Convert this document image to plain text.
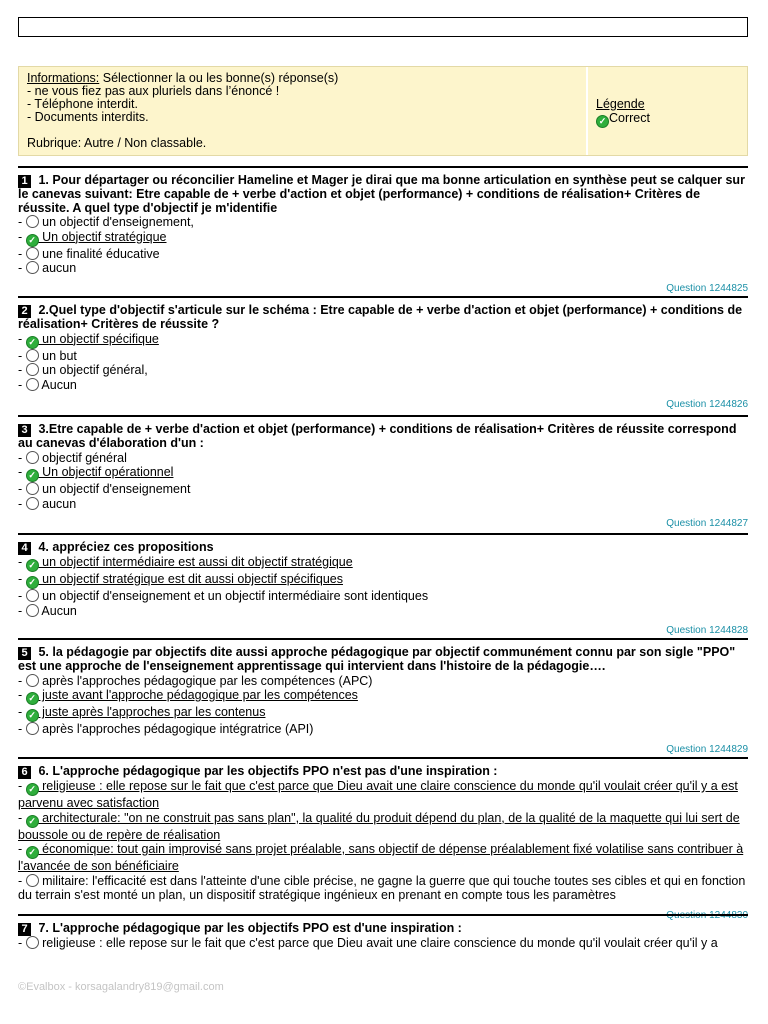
Informations: Sélectionner la ou les bonne(s) réponse(s)
- ne vous fiez pas aux pluriels dans l’énoncé !
- Téléphone interdit.
- Documents interdits.
Rubrique: Autre / Non classable.
Légende
✓ Correct
1 1. Pour départager ou réconcilier Hameline et Mager je dirai que ma bonne articulation en synthèse peut se calquer sur le canevas suivant: Etre capable de + verbe d'action et objet (performance) + conditions de réalisation+ Critères de réussite. A quel type d'objectif je m'identifie
-  un objectif d'enseignement,
- ✓ Un objectif stratégique
-  une finalité éducative
-  aucun
Question 1244825
2 2.Quel type d'objectif s'articule sur le schéma : Etre capable de + verbe d'action et objet (performance) + conditions de réalisation+ Critères de réussite ?
- ✓ un objectif spécifique
-  un but
-  un objectif général,
-  Aucun
Question 1244826
3 3.Etre capable de + verbe d'action et objet (performance) + conditions de réalisation+ Critères de réussite correspond au canevas d'élaboration d'un :
-  objectif général
- ✓ Un objectif opérationnel
-  un objectif d'enseignement
-  aucun
Question 1244827
4 4. appréciez ces propositions
- ✓ un objectif intermédiaire est aussi dit objectif stratégique
- ✓ un objectif stratégique est dit aussi objectif spécifiques
-  un objectif d'enseignement et un objectif intermédiaire sont identiques
-  Aucun
Question 1244828
5 5. la pédagogie par objectifs dite aussi approche pédagogique par objectif communément connu par son sigle "PPO" est une approche de l'enseignement apprentissage qui intervient dans l'histoire de la pédagogie….
-  après l'approches pédagogique par les compétences (APC)
- ✓ juste avant l'approche pédagogique par les compétences
- ✓ juste après l'approches par les contenus
-  après l'approches pédagogique intégratrice (API)
Question 1244829
6 6. L'approche pédagogique par les objectifs PPO n'est pas d'une inspiration :
- ✓ religieuse : elle repose sur le fait que c'est parce que Dieu avait une claire conscience du monde qu'il voulait créer qu'il y a est parvenu avec satisfaction
- ✓ architecturale: "on ne construit pas sans plan", la qualité du produit dépend du plan, de la qualité de la maquette qui lui sert de boussole ou de repère de réalisation
- ✓ économique: tout gain improvisé sans projet préalable, sans objectif de dépense préalablement fixé volatilise sans contribuer à l'avancée de son bénéficiaire
-  militaire: l'efficacité est dans l'atteinte d'une cible précise, ne gagne la guerre que qui touche toutes ses cibles et qui en fonction du terrain s'est monté un plan, un dispositif stratégique ingénieux en prenant en compte tous les paramètres
Question 1244830
7 7. L'approche pédagogique par les objectifs PPO est d'une inspiration :
-  religieuse : elle repose sur le fait que c'est parce que Dieu avait une claire conscience du monde qu'il voulait créer qu'il y a
©Evalbox - korsagalandry819@gmail.com
